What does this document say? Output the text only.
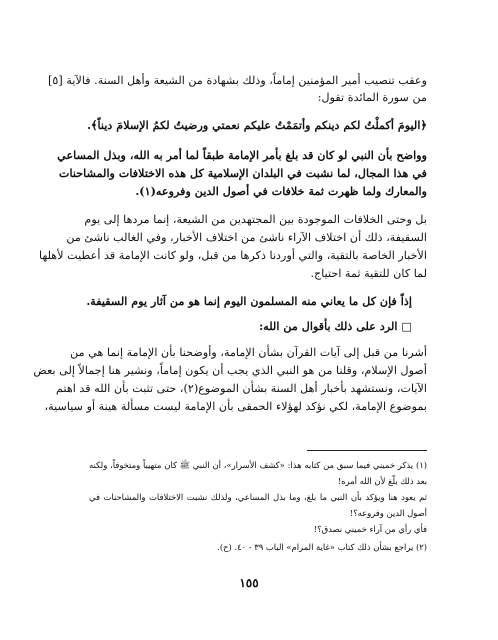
وعقب تنصيب أمير المؤمنين إماماً، وذلك بشهادة من الشيعة وأهل السنة. فالآية [٥]
من سورة المائدة تقول:
﴿اليومَ أكملْتُ لكم دينكم وأتمَمْتُ عليكم نعمتي ورضيتُ لكمُ الإسلامَ ديناً﴾.
وواضح بأن النبي لو كان قد بلغ بأمر الإمامة طبقاً لما أمر به الله، وبذل المساعي
في هذا المجال، لما نشبت في البلدان الإسلامية كل هذه الاختلافات والمشاحنات
والمعارك ولما ظهرت ثمة خلافات في أصول الدين وفروعه(١).
بل وحتى الخلافات الموجودة بين المجتهدين من الشيعة، إنما مردها إلى يوم
السقيفة، ذلك أن اختلاف الآراء ناشئ من اختلاف الأخبار، وفي الغالب ناشئ من
الأخبار الخاصة بالتقية، والتي أوردنا ذكرها من قبل، ولو كانت الإمامة قد أعطيت لأهلها
لما كان للتقية ثمة احتياج.
إذاً فإن كل ما يعاني منه المسلمون اليوم إنما هو من آثار يوم السقيفة.
□ الرد على ذلك بأقوال من الله:
أشرنا من قبل إلى آيات القرآن بشأن الإمامة، وأوضحنا بأن الإمامة إنما هي من
أصول الإسلام، وقلنا من هو النبي الذي يجب أن يكون إماماً، ونشير هنا إجمالاً إلى بعض
الآيات، ونستشهد بأخبار أهل السنة بشأن الموضوع(٢)، حتى تثبت بأن الله قد اهتم
بموضوع الإمامة، لكي نؤكد لهؤلاء الحمقى بأن الإمامة ليست مسألة هينة أو سياسية،
(١) يذكر خميني فيما سبق من كتابه هذا: «كشف الأسرار»، أن النبي ﷺ كان متهيباً ومتخوفاً، ولكنه
بعد ذلك بلّغ لأن الله أمره!
ثم يعود هنا ويؤكد بأن النبي ما بلغ، وما بذل المساعي، ولذلك نشبت الاختلافات والمشاحنات في
أصول الدين وفروعه؟!
فأي رأي من آراء خميني نصدق؟!
(٢) يراجع بشأن ذلك كتاب «غاية المرام» الباب ٣٩ - ٤٠. (ح).
١٥٥
